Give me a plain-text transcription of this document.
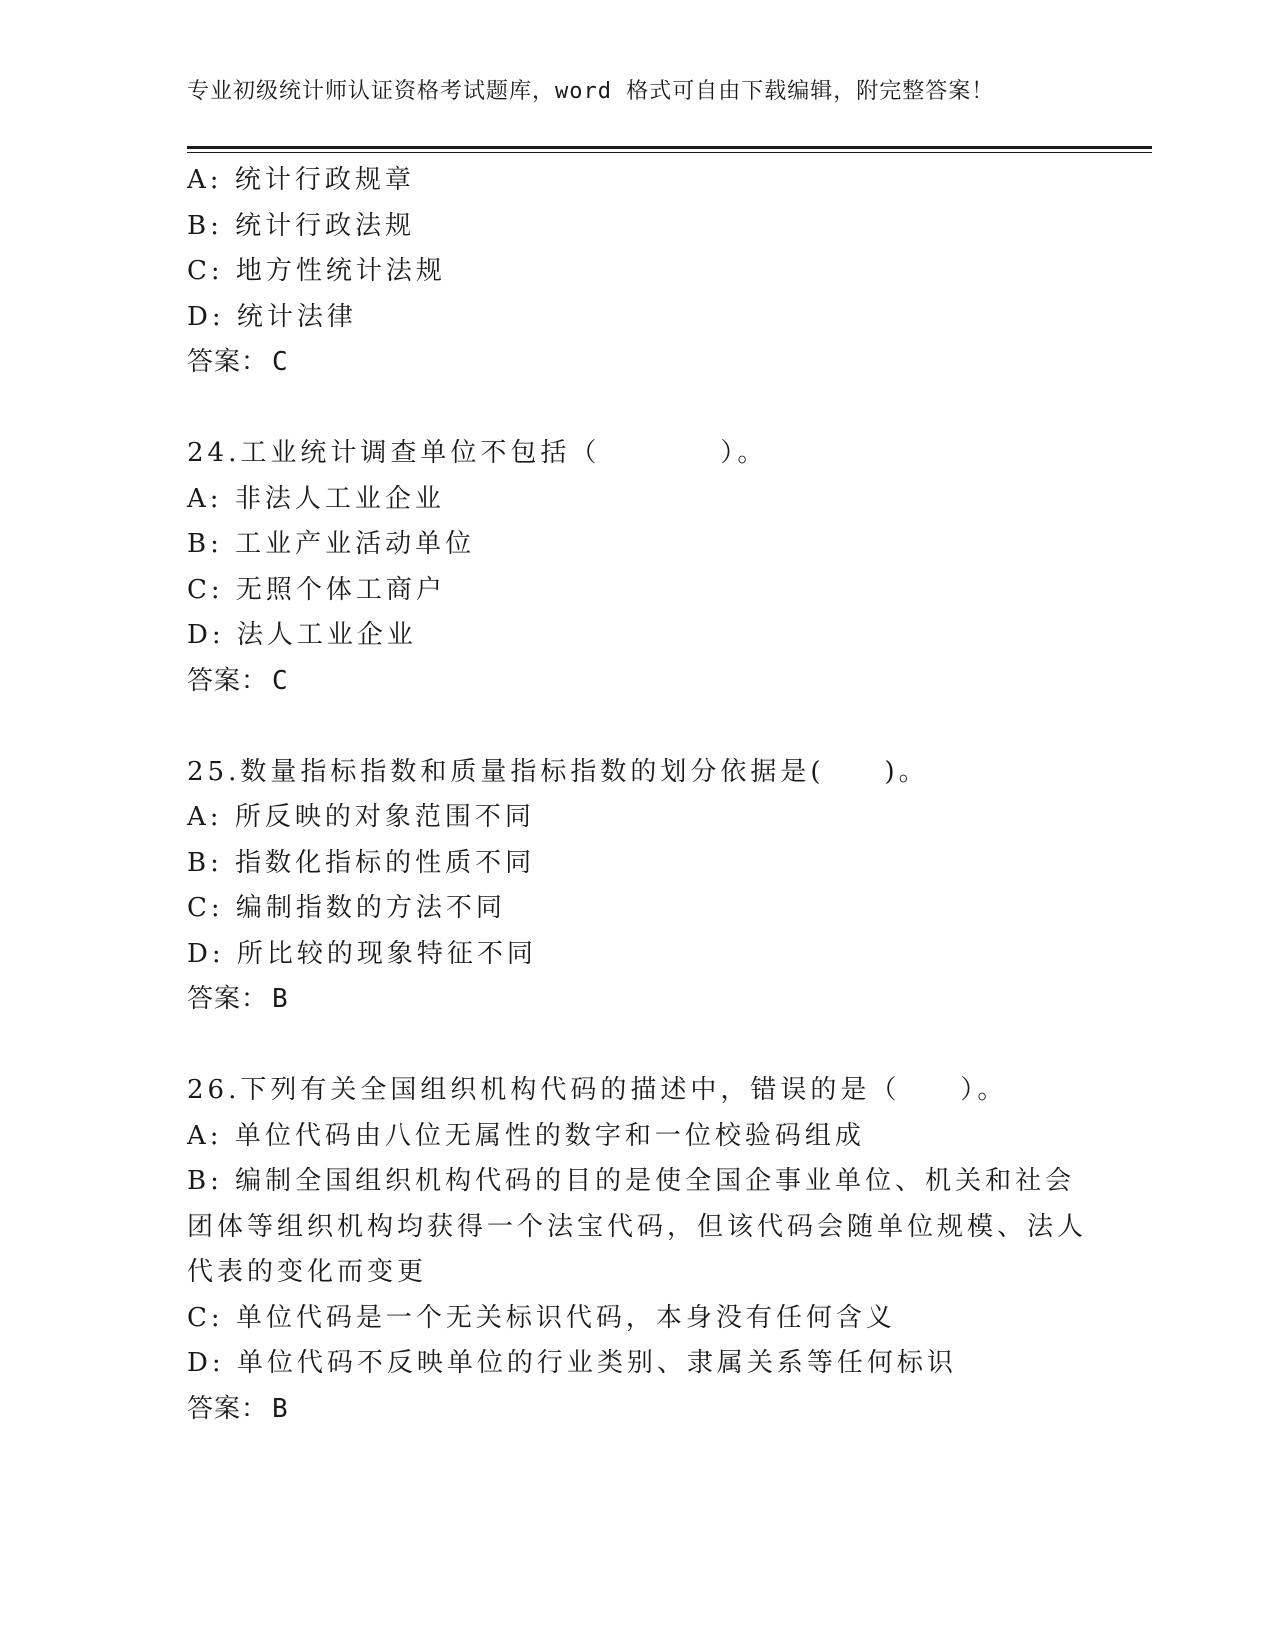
专业初级统计师认证资格考试题库，word 格式可自由下载编辑，附完整答案！
A: 统计行政规章
B: 统计行政法规
C: 地方性统计法规
D: 统计法律
答案： C
24.工业统计调查单位不包括（　　　　）。
A: 非法人工业企业
B: 工业产业活动单位
C: 无照个体工商户
D: 法人工业企业
答案： C
25.数量指标指数和质量指标指数的划分依据是(　　)。
A: 所反映的对象范围不同
B: 指数化指标的性质不同
C: 编制指数的方法不同
D: 所比较的现象特征不同
答案： B
26.下列有关全国组织机构代码的描述中，错误的是（　　）。
A: 单位代码由八位无属性的数字和一位校验码组成
B: 编制全国组织机构代码的目的是使全国企事业单位、机关和社会团体等组织机构均获得一个法宝代码，但该代码会随单位规模、法人代表的变化而变更
C: 单位代码是一个无关标识代码，本身没有任何含义
D: 单位代码不反映单位的行业类别、隶属关系等任何标识
答案： B
